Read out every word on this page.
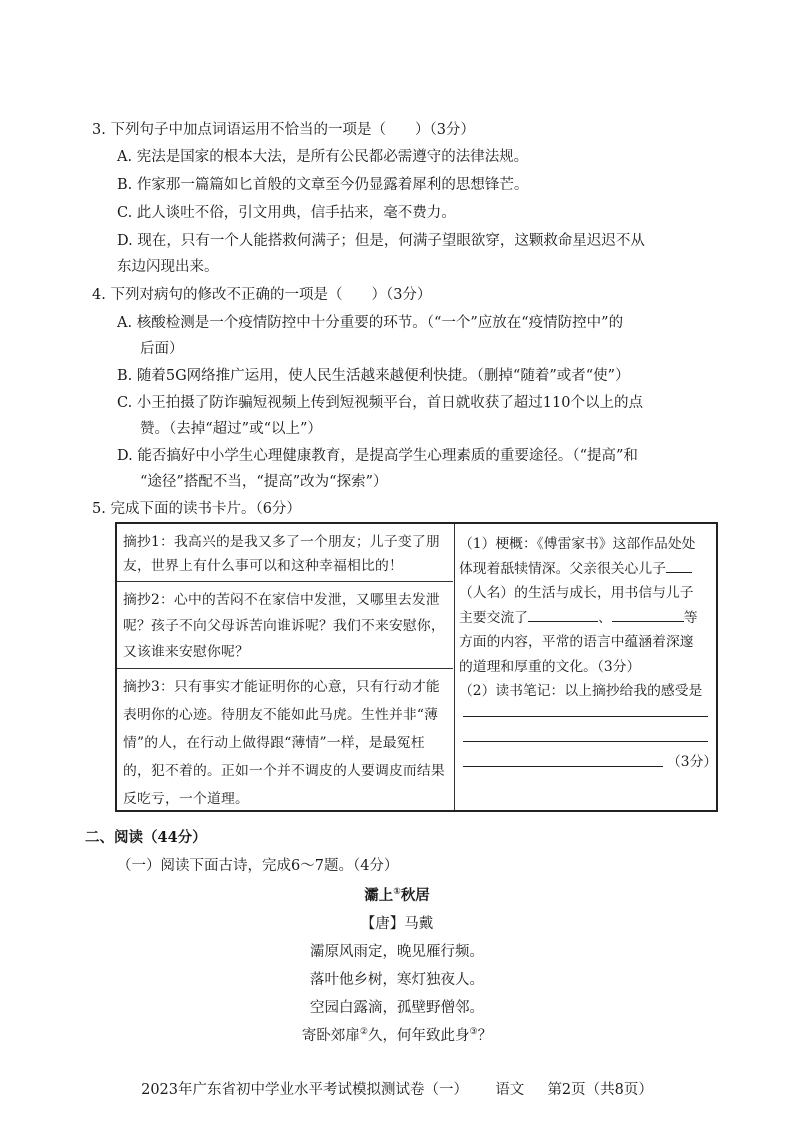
3. 下列句子中加点词语运用不恰当的一项是（　　）（3分）
A. 宪法是国家的根本大法，是所有公民都必需遵守的法律法规。
B. 作家那一篇篇如匕首般的文章至今仍显露着犀利的思想锋芒。
C. 此人谈吐不俗，引文用典，信手拈来，毫不费力。
D. 现在，只有一个人能搭救何满子；但是，何满子望眼欲穿，这颗救命星迟迟不从
东边闪现出来。
4. 下列对病句的修改不正确的一项是（　　）（3分）
A. 核酸检测是一个疫情防控中十分重要的环节。（“一个”应放在“疫情防控中”的
后面）
B. 随着5G网络推广运用，使人民生活越来越便利快捷。（删掉“随着”或者“使”）
C. 小王拍摄了防诈骗短视频上传到短视频平台，首日就收获了超过110个以上的点
赞。（去掉“超过”或“以上”）
D. 能否搞好中小学生心理健康教育，是提高学生心理素质的重要途径。（“提高”和
“途径”搭配不当，“提高”改为“探索”）
5. 完成下面的读书卡片。（6分）
摘抄1：我高兴的是我又多了一个朋友；儿子变了朋
友，世界上有什么事可以和这种幸福相比的！
摘抄2：心中的苦闷不在家信中发泄，又哪里去发泄
呢？孩子不向父母诉苦向谁诉呢？我们不来安慰你，
又该谁来安慰你呢？
摘抄3：只有事实才能证明你的心意，只有行动才能
表明你的心迹。待朋友不能如此马虎。生性并非“薄
情”的人，在行动上做得跟“薄情”一样，是最冤枉
的，犯不着的。正如一个并不调皮的人要调皮而结果
反吃亏，一个道理。
（1）梗概：《傅雷家书》这部作品处处
体现着舐犊情深。父亲很关心儿子
（人名）的生活与成长，用书信与儿子
主要交流了	、	等
方面的内容，平常的语言中蕴涵着深邃
的道理和厚重的文化。（3分）
（2）读书笔记：以上摘抄给我的感受是
（3分）
二、阅读（44分）
（一）阅读下面古诗，完成6～7题。（4分）
灞上①秋居
【唐】马戴
灞原风雨定，晚见雁行频。
落叶他乡树，寒灯独夜人。
空园白露滴，孤壁野僧邻。
寄卧郊扉②久，何年致此身③？
2023年广东省初中学业水平考试模拟测试卷（一） 语文 第2页（共8页）
